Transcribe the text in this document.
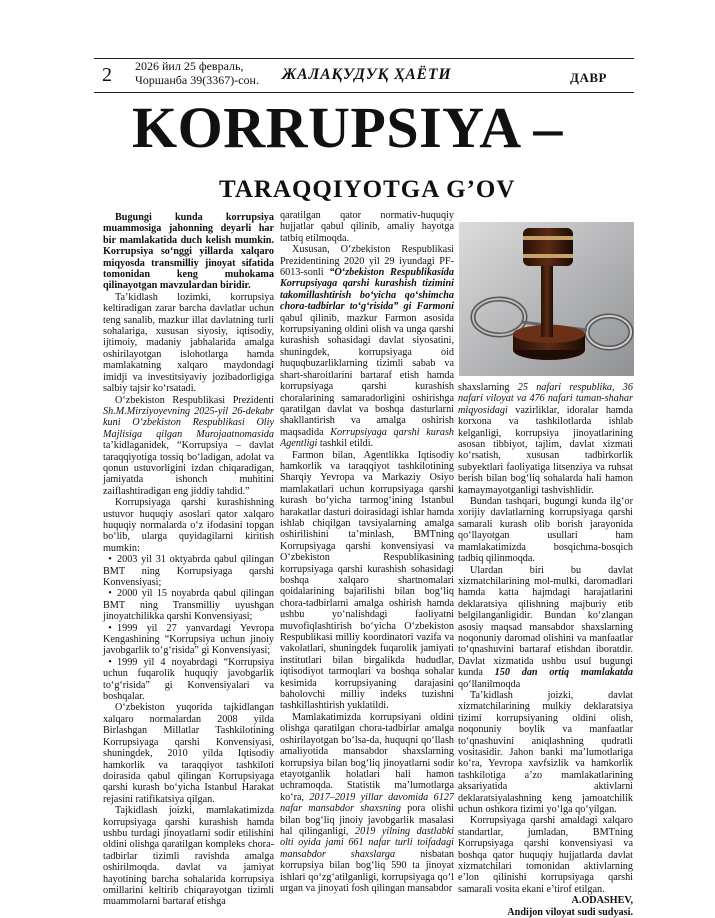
2 2026 йил 25 февраль,
Чоршанба 39(3367)-сон. ЖАЛАҚУДУҚ ҲАЁТИ	ДАВР
KORRUPSIYA –
TARAQQIYOTGA G’OV

Bugungi kunda korrupsiya muammosiga jahonning deyarli har bir mamlakatida duch kelish mumkin. Korrupsiya so‘nggi yillarda xalqaro miqyosda transmilliy jinoyat sifatida tomonidan keng muhokama qilinayotgan mavzulardan biridir.

Ta’kidlash lozimki, korrupsiya keltiradigan zarar barcha davlatlar uchun teng sanalib, mazkur illat davlatning turli sohalariga, xususan siyosiy, iqtisodiy, ijtimoiy, madaniy jabhalarida amalga oshirilayotgan islohotlarga hamda mamlakatning xalqaro maydondagi imidji va investitsiyaviy jozibadorligiga salbiy tajsir ko‘rsatadi.

O‘zbekiston Respublikasi Prezidenti Sh.M.Mirziyoyevning 2025-yil 26-dekabr kuni O‘zbekiston Respublikasi Oliy Majlisiga qilgan Murojaatnomasida ta’kidlaganidek, “Korrupsiya – davlat taraqqiyotiga tossiq bo‘ladigan, adolat va qonun ustuvorligini izdan chiqaradigan, jamiyatda ishonch muhitini zaiflashtiradigan eng jiddiy tahdid.”

Korrupsiyaga qarshi kurashishning ustuvor huquqiy asoslari qator xalqaro huquqiy normalarda o‘z ifodasini topgan bo‘lib, ularga quyidagilarni kiritish mumkin:

• 2003 yil 31 oktyabrda qabul qilingan BMT ning Korrupsiyaga qarshi Konvensiyasi;

• 2000 yil 15 noyabrda qabul qilingan BMT ning Transmilliy uyushgan jinoyatchilikka qarshi Konvensiyasi;

• 1999 yil 27 yanvardagi Yevropa Kengashining “Korrupsiya uchun jinoiy javobgarlik to‘g‘risida” gi Konvensiyasi;

• 1999 yil 4 noyabrdagi “Korrupsiya uchun fuqarolik huquqiy javobgarlik to‘g‘risida” gi Konvensiyalari va boshqalar.

O‘zbekiston yuqorida tajkidlangan xalqaro normalardan 2008 yilda Birlashgan Millatlar Tashkilotining Korrupsiyaga qarshi Konvensiyasi, shuningdek, 2010 yilda Iqtisodiy hamkorlik va taraqqiyot tashkiloti doirasida qabul qilingan Korrupsiyaga qarshi kurash bo‘yicha Istanbul Harakat rejasini ratifikatsiya qilgan.

Tajkidlash joizki, mamlakatimizda korrupsiyaga qarshi kurashish hamda ushbu turdagi jinoyatlarni sodir etilishini oldini olishga qaratilgan kompleks chora-tadbirlar tizimli ravishda amalga oshirilmoqda. davlat va jamiyat hayotining barcha sohalarida korrupsiya omillarini keltirib chiqarayotgan tizimli muammolarni bartaraf etishga

qaratilgan qator normativ-huquqiy hujjatlar qabul qilinib, amaliy hayotga tatbiq etilmoqda.

Xususan, O‘zbekiston Respublikasi Prezidentining 2020 yil 29 iyundagi PF-6013-sonli “O‘zbekiston Respublikasida Korrupsiyaga qarshi kurashish tizimini takomillashtirish bo‘yicha qo‘shimcha chora-tadbirlar to‘g‘risida” gi Farmoni qabul qilinib, mazkur Farmon asosida korrupsiyaning oldini olish va unga qarshi kurashish sohasidagi davlat siyosatini, shuningdek, korrupsiyaga oid huquqbuzarliklarning tizimli sabab va shart-sharoitlarini bartaraf etish hamda korrupsiyaga qarshi kurashish choralarining samaradorligini oshirishga qaratilgan davlat va boshqa dasturlarni shakllantirish va amalga oshirish maqsadida Korrupsiyaga qarshi kurash Agentligi tashkil etildi.

Farmon bilan, Agentlikka Iqtisodiy hamkorlik va taraqqiyot tashkilotining Sharqiy Yevropa va Markaziy Osiyo mamlakatlari uchun korrupsiyaga qarshi kurash bo‘yicha tarmog‘ining Istanbul harakatlar dasturi doirasidagi ishlar hamda ishlab chiqilgan tavsiyalarning amalga oshirilishini ta’minlash, BMTning Korrupsiyaga qarshi konvensiyasi va O‘zbekiston Respublikasining korrupsiyaga qarshi kurashish sohasidagi boshqa xalqaro shartnomalari qoidalarining bajarilishi bilan bog‘liq chora-tadbirlarni amalga oshirish hamda ushbu yo‘nalishdagi faoliyatni muvofiqlashtirish bo‘yicha O‘zbekiston Respublikasi milliy koordinatori vazifa va vakolatlari, shuningdek fuqarolik jamiyati institutlari bilan birgalikda hududlar, iqtisodiyot tarmoqlari va boshqa sohalar kesimida korrupsiyaning darajasini baholovchi milliy indeks tuzishni tashkillashtirish yuklatildi.

Mamlakatimizda korrupsiyani oldini olishga qaratilgan chora-tadbirlar amalga oshirilayotgan bo‘lsa-da, huquqni qo‘llash amaliyotida mansabdor shaxslarning korrupsiya bilan bog‘liq jinoyatlarni sodir etayotganlik holatlari hali hamon uchramoqda. Statistik ma’lumotlarga ko‘ra, 2017–2019 yillar davomida 6127 nafar mansabdor shaxsning pora olishi bilan bog‘liq jinoiy javobgarlik masalasi hal qilinganligi, 2019 yilning dastlabki olti oyida jami 661 nafar turli toifadagi mansabdor shaxslarga nisbatan korrupsiya bilan bog‘liq 590 ta jinoyat ishlari qo‘zg‘atilganligi, korrupsiyaga qo‘l urgan va jinoyati fosh qilingan mansabdor

shaxslarning 25 nafari respublika, 36 nafari viloyat va 476 nafari tuman-shahar miqyosidagi vazirliklar, idoralar hamda korxona va tashkilotlarda ishlab kelganligi, korrupsiya jinoyatlarining asosan tibbiyot, tajlim, davlat xizmati ko‘rsatish, xususan tadbirkorlik subyektlari faoliyatiga litsenziya va ruhsat berish bilan bog‘liq sohalarda hali hamon kamaymayotganligi tashvishlidir.

Bundan tashqari, bugungi kunda ilg‘or xorijiy davlatlarning korrupsiyaga qarshi samarali kurash olib borish jarayonida qo‘llayotgan usullari ham mamlakatimizda bosqichma-bosqich tadbiq qilinmoqda.

Ulardan biri bu davlat xizmatchilarining mol-mulki, daromadlari hamda katta hajmdagi harajatlarini deklaratsiya qilishning majburiy etib belgilanganligidir. Bundan ko‘zlangan asosiy maqsad mansabdor shaxslarning noqonuniy daromad olishini va manfaatlar to‘qnashuvini bartaraf etishdan iboratdir. Davlat xizmatida ushbu usul bugungi kunda 150 dan ortiq mamlakatda qo‘llanilmoqda

Ta’kidlash joizki, davlat xizmatchilarining mulkiy deklaratsiya tizimi korrupsiyaning oldini olish, noqonuniy boylik va manfaatlar to‘qnashuvini aniqlashning qudratli vositasidir. Jahon banki ma’lumotlariga ko‘ra, Yevropa xavfsizlik va hamkorlik tashkilotiga a’zo mamlakatlarining aksariyatida aktivlarni deklaratsiyalashning keng jamoatchilik uchun oshkora tizimi yo‘lga qo‘yilgan.

Korrupsiyaga qarshi amaldagi xalqaro standartlar, jumladan, BMTning Korrupsiyaga qarshi konvensiyasi va boshqa qator huquqiy hujjatlarda davlat xizmatchilari tomonidan aktivlarning e’lon qilinishi korrupsiyaga qarshi samarali vosita ekani e’tirof etilgan.

A.ODASHEV,

Andijon viloyat sudi sudyasi.
